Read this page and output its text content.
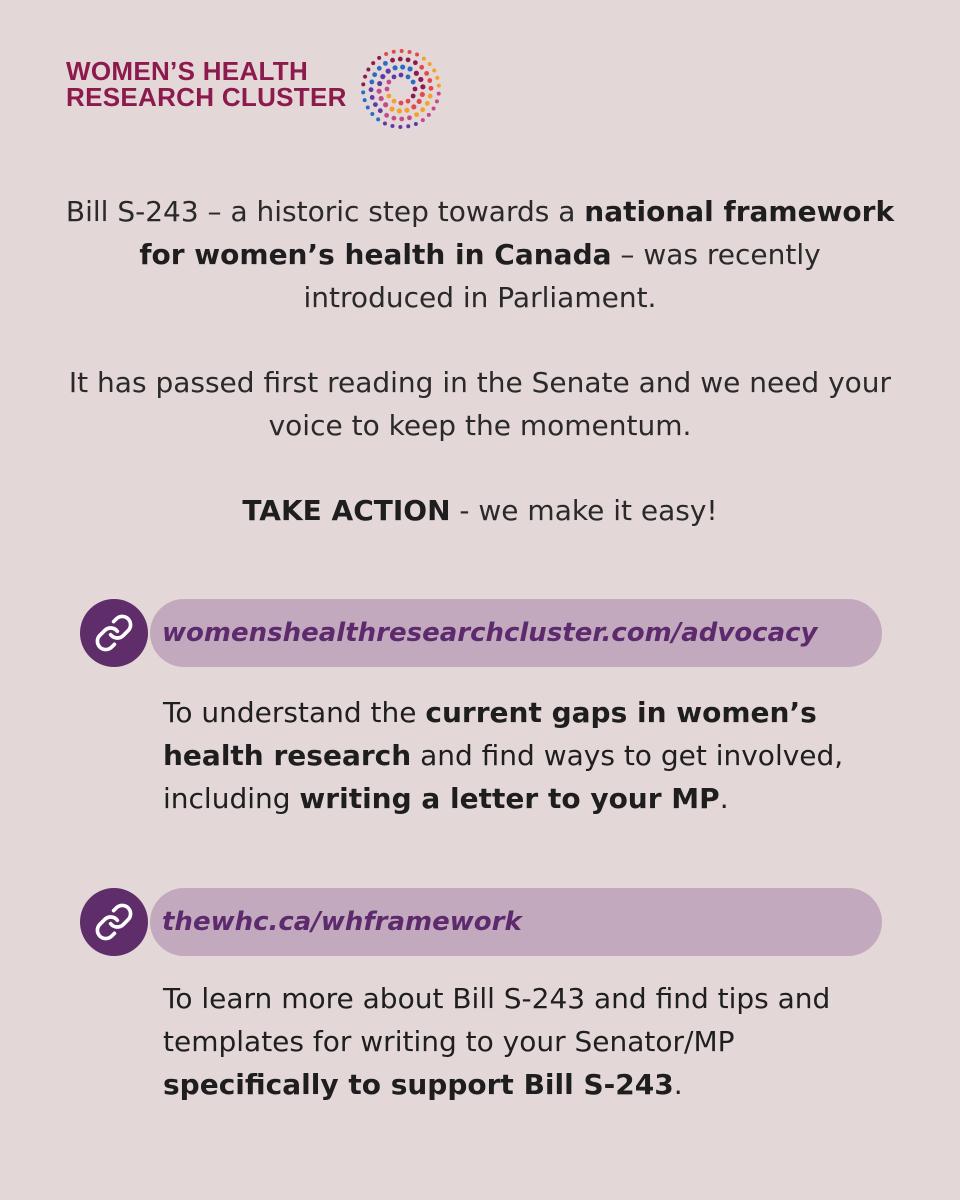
WOMEN’S HEALTH
RESEARCH CLUSTER

Bill S-243 – a historic step towards a national framework for women’s health in Canada – was recently introduced in Parliament.

It has passed first reading in the Senate and we need your voice to keep the momentum.

TAKE ACTION - we make it easy!

womenshealthresearchcluster.com/advocacy

To understand the current gaps in women’s health research and find ways to get involved, including writing a letter to your MP.

thewhc.ca/whframework

To learn more about Bill S-243 and find tips and templates for writing to your Senator/MP specifically to support Bill S-243.
